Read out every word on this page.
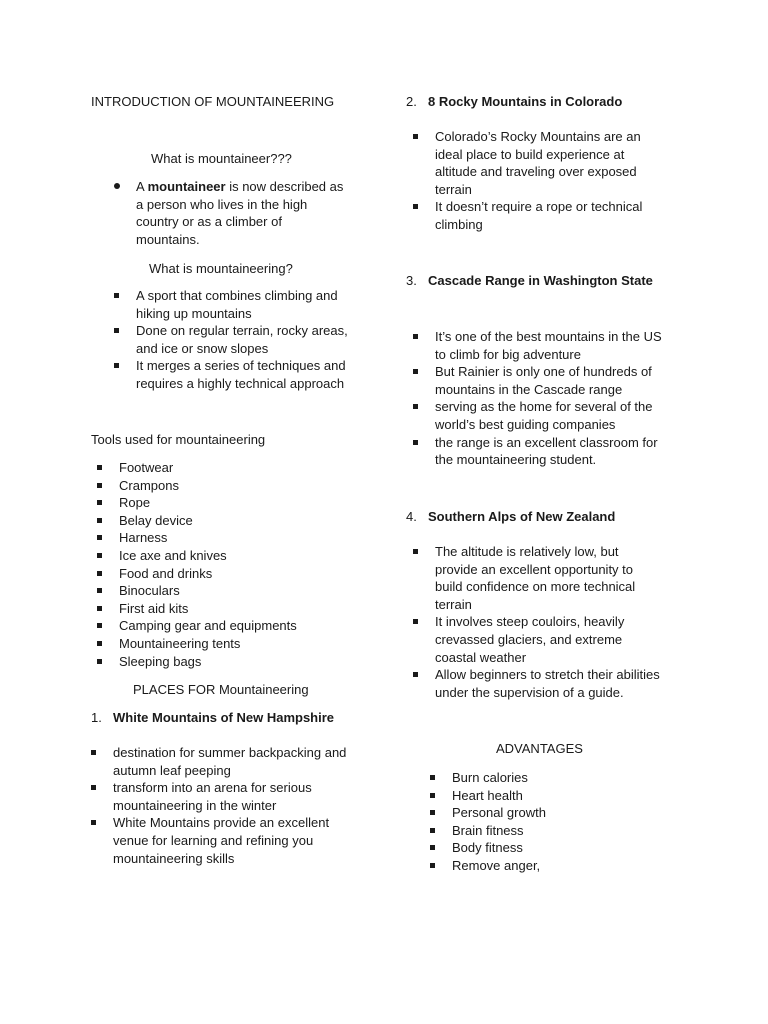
INTRODUCTION OF MOUNTAINEERING
What is mountaineer???
A mountaineer is now described as
a person who lives in the high
country or as a climber of
mountains.
What is mountaineering?
A sport that combines climbing and
hiking up mountains
Done on regular terrain, rocky areas,
and ice or snow slopes
It merges a series of techniques and
requires a highly technical approach
Tools used for mountaineering
Footwear
Crampons
Rope
Belay device
Harness
Ice axe and knives
Food and drinks
Binoculars
First aid kits
Camping gear and equipments
Mountaineering tents
Sleeping bags
PLACES FOR Mountaineering
1. White Mountains of New Hampshire
destination for summer backpacking and
autumn leaf peeping
transform into an arena for serious
mountaineering in the winter
White Mountains provide an excellent
venue for learning and refining you
mountaineering skills
2. 8 Rocky Mountains in Colorado
Colorado’s Rocky Mountains are an
ideal place to build experience at
altitude and traveling over exposed
terrain
It doesn’t require a rope or technical
climbing
3. Cascade Range in Washington State
It’s one of the best mountains in the US
to climb for big adventure
But Rainier is only one of hundreds of
mountains in the Cascade range
serving as the home for several of the
world’s best guiding companies
the range is an excellent classroom for
the mountaineering student.
4. Southern Alps of New Zealand
The altitude is relatively low, but
provide an excellent opportunity to
build confidence on more technical
terrain
It involves steep couloirs, heavily
crevassed glaciers, and extreme
coastal weather
Allow beginners to stretch their abilities
under the supervision of a guide.
ADVANTAGES
Burn calories
Heart health
Personal growth
Brain fitness
Body fitness
Remove anger,
